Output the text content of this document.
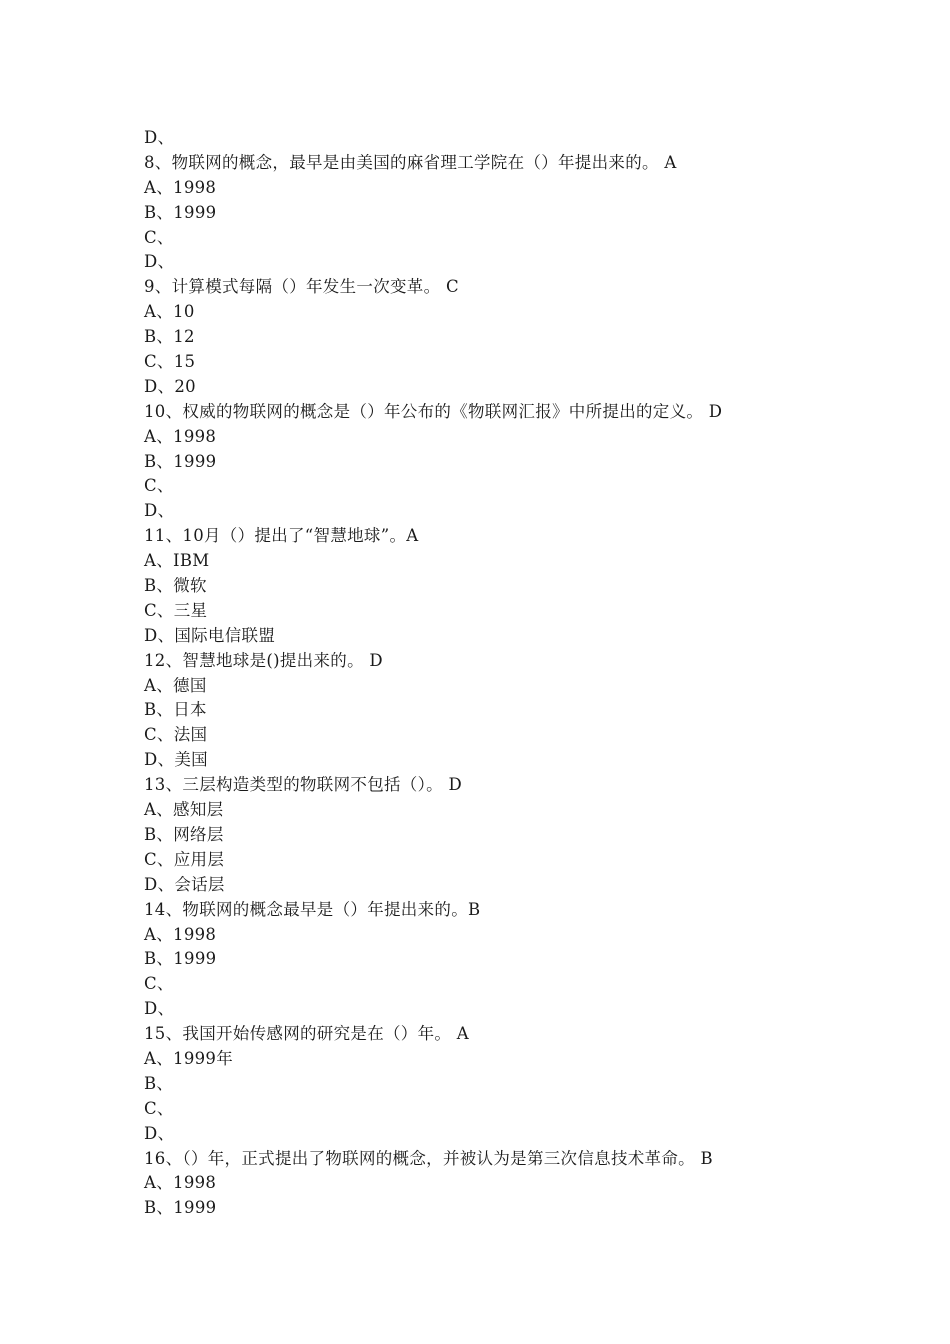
D、
8、物联网的概念，最早是由美国的麻省理工学院在（）年提出来的。 A
A、1998
B、1999
C、
D、
9、计算模式每隔（）年发生一次变革。 C
A、10
B、12
C、15
D、20
10、权威的物联网的概念是（）年公布的《物联网汇报》中所提出的定义。 D
A、1998
B、1999
C、
D、
11、10月（）提出了“智慧地球”。A
A、IBM
B、微软
C、三星
D、国际电信联盟
12、智慧地球是()提出来的。 D
A、德国
B、日本
C、法国
D、美国
13、三层构造类型的物联网不包括（）。 D
A、感知层
B、网络层
C、应用层
D、会话层
14、物联网的概念最早是（）年提出来的。B
A、1998
B、1999
C、
D、
15、我国开始传感网的研究是在（）年。 A
A、1999年
B、
C、
D、
16、（）年，正式提出了物联网的概念，并被认为是第三次信息技术革命。 B
A、1998
B、1999
